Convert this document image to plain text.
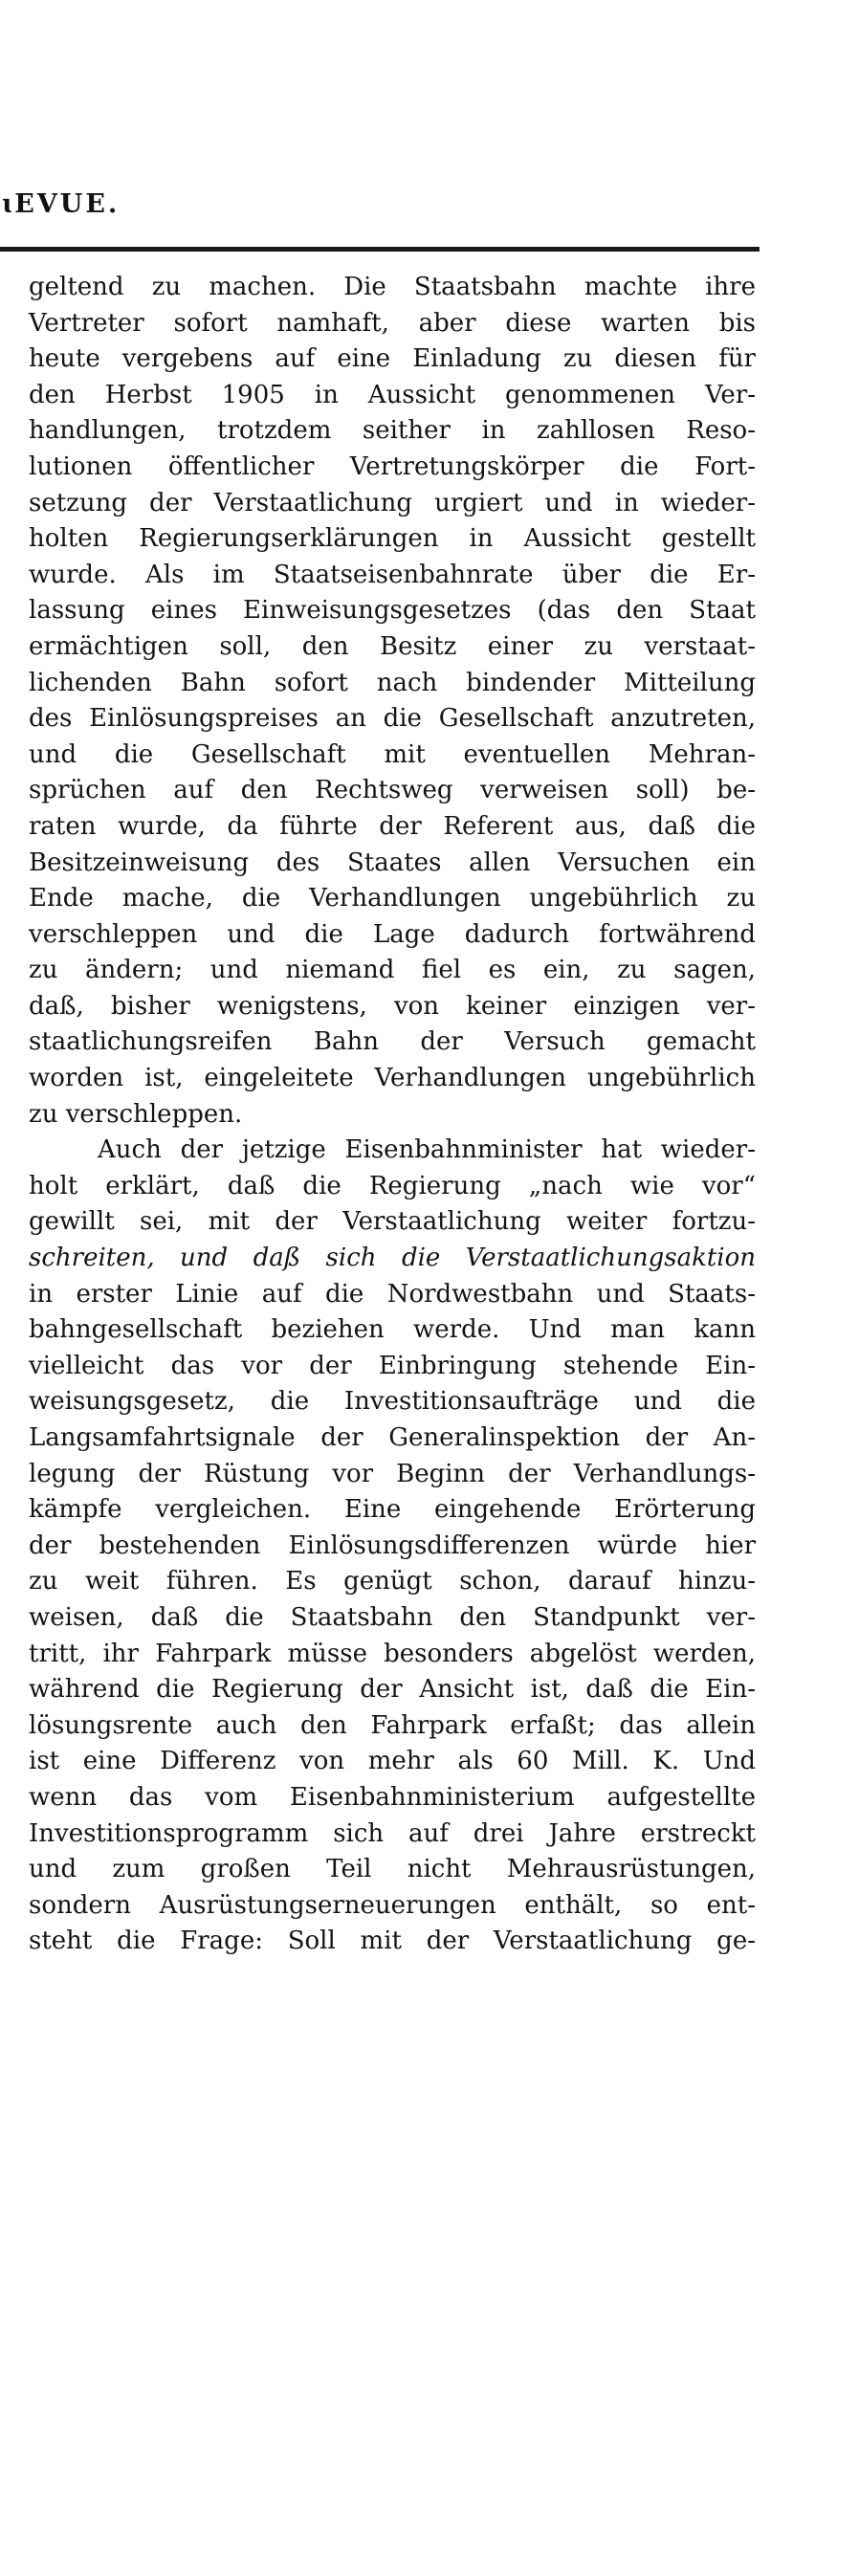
ɩEVUE.
geltend zu machen. Die Staatsbahn machte ihre
Vertreter sofort namhaft, aber diese warten bis
heute vergebens auf eine Einladung zu diesen für
den Herbst 1905 in Aussicht genommenen Ver-
handlungen, trotzdem seither in zahllosen Reso-
lutionen öffentlicher Vertretungskörper die Fort-
setzung der Verstaatlichung urgiert und in wieder-
holten Regierungserklärungen in Aussicht gestellt
wurde. Als im Staatseisenbahnrate über die Er-
lassung eines Einweisungsgesetzes (das den Staat
ermächtigen soll, den Besitz einer zu verstaat-
lichenden Bahn sofort nach bindender Mitteilung
des Einlösungspreises an die Gesellschaft anzutreten,
und die Gesellschaft mit eventuellen Mehran-
sprüchen auf den Rechtsweg verweisen soll) be-
raten wurde, da führte der Referent aus, daß die
Besitzeinweisung des Staates allen Versuchen ein
Ende mache, die Verhandlungen ungebührlich zu
verschleppen und die Lage dadurch fortwährend
zu ändern; und niemand fiel es ein, zu sagen,
daß, bisher wenigstens, von keiner einzigen ver-
staatlichungsreifen Bahn der Versuch gemacht
worden ist, eingeleitete Verhandlungen ungebührlich
zu verschleppen.
Auch der jetzige Eisenbahnminister hat wieder-
holt erklärt, daß die Regierung „nach wie vor“
gewillt sei, mit der Verstaatlichung weiter fortzu-
schreiten, und daß sich die Verstaatlichungsaktion
in erster Linie auf die Nordwestbahn und Staats-
bahngesellschaft beziehen werde. Und man kann
vielleicht das vor der Einbringung stehende Ein-
weisungsgesetz, die Investitionsaufträge und die
Langsamfahrtsignale der Generalinspektion der An-
legung der Rüstung vor Beginn der Verhandlungs-
kämpfe vergleichen. Eine eingehende Erörterung
der bestehenden Einlösungsdifferenzen würde hier
zu weit führen. Es genügt schon, darauf hinzu-
weisen, daß die Staatsbahn den Standpunkt ver-
tritt, ihr Fahrpark müsse besonders abgelöst werden,
während die Regierung der Ansicht ist, daß die Ein-
lösungsrente auch den Fahrpark erfaßt; das allein
ist eine Differenz von mehr als 60 Mill. K. Und
wenn das vom Eisenbahnministerium aufgestellte
Investitionsprogramm sich auf drei Jahre erstreckt
und zum großen Teil nicht Mehrausrüstungen,
sondern Ausrüstungserneuerungen enthält, so ent-
steht die Frage: Soll mit der Verstaatlichung ge-
